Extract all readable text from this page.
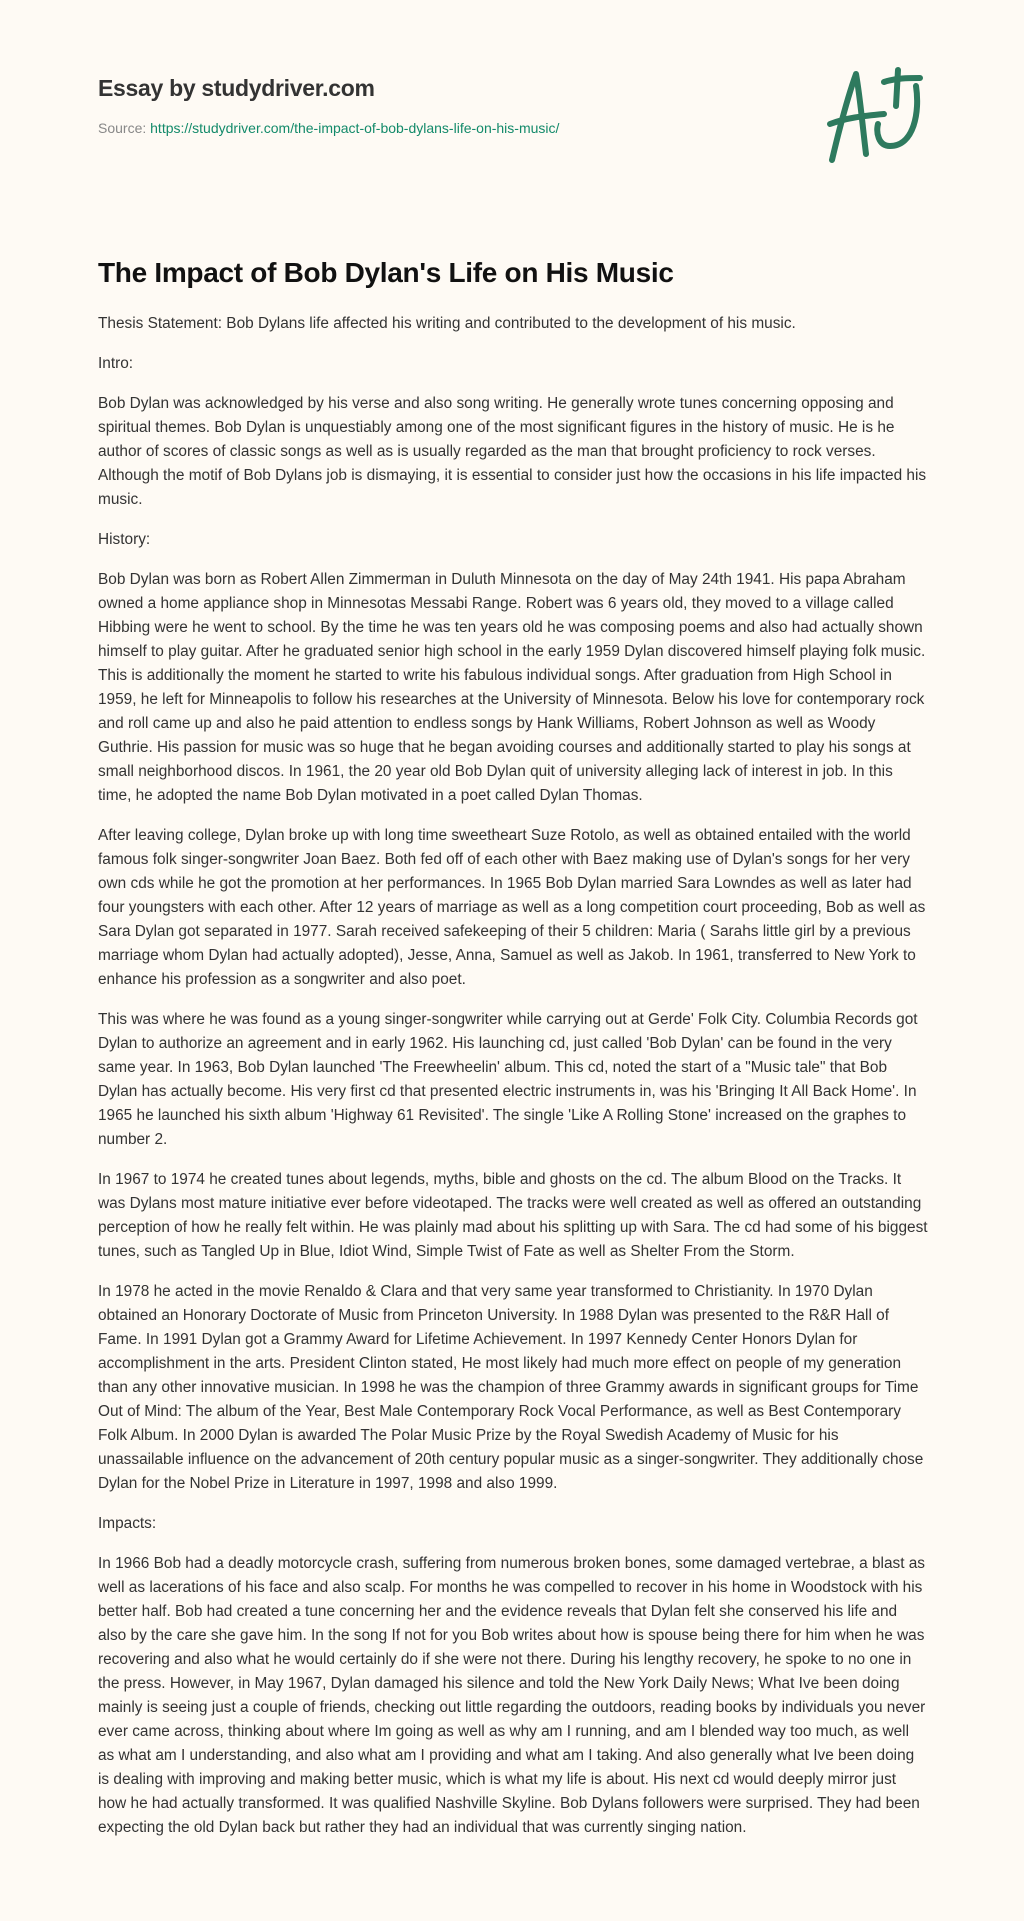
Essay by studydriver.com
Source: https://studydriver.com/the-impact-of-bob-dylans-life-on-his-music/
The Impact of Bob Dylan's Life on His Music

Thesis Statement: Bob Dylans life affected his writing and contributed to the development of his music.

Intro:

Bob Dylan was acknowledged by his verse and also song writing. He generally wrote tunes concerning opposing and spiritual themes. Bob Dylan is unquestiably among one of the most significant figures in the history of music. He is he author of scores of classic songs as well as is usually regarded as the man that brought proficiency to rock verses. Although the motif of Bob Dylans job is dismaying, it is essential to consider just how the occasions in his life impacted his music.

History:

Bob Dylan was born as Robert Allen Zimmerman in Duluth Minnesota on the day of May 24th 1941. His papa Abraham owned a home appliance shop in Minnesotas Messabi Range. Robert was 6 years old, they moved to a village called Hibbing were he went to school. By the time he was ten years old he was composing poems and also had actually shown himself to play guitar. After he graduated senior high school in the early 1959 Dylan discovered himself playing folk music. This is additionally the moment he started to write his fabulous individual songs. After graduation from High School in 1959, he left for Minneapolis to follow his researches at the University of Minnesota. Below his love for contemporary rock and roll came up and also he paid attention to endless songs by Hank Williams, Robert Johnson as well as Woody Guthrie. His passion for music was so huge that he began avoiding courses and additionally started to play his songs at small neighborhood discos. In 1961, the 20 year old Bob Dylan quit of university alleging lack of interest in job. In this time, he adopted the name Bob Dylan motivated in a poet called Dylan Thomas.

After leaving college, Dylan broke up with long time sweetheart Suze Rotolo, as well as obtained entailed with the world famous folk singer-songwriter Joan Baez. Both fed off of each other with Baez making use of Dylan's songs for her very own cds while he got the promotion at her performances. In 1965 Bob Dylan married Sara Lowndes as well as later had four youngsters with each other. After 12 years of marriage as well as a long competition court proceeding, Bob as well as Sara Dylan got separated in 1977. Sarah received safekeeping of their 5 children: Maria ( Sarahs little girl by a previous marriage whom Dylan had actually adopted), Jesse, Anna, Samuel as well as Jakob. In 1961, transferred to New York to enhance his profession as a songwriter and also poet.

This was where he was found as a young singer-songwriter while carrying out at Gerde' Folk City. Columbia Records got Dylan to authorize an agreement and in early 1962. His launching cd, just called 'Bob Dylan' can be found in the very same year. In 1963, Bob Dylan launched 'The Freewheelin' album. This cd, noted the start of a "Music tale" that Bob Dylan has actually become. His very first cd that presented electric instruments in, was his 'Bringing It All Back Home'. In 1965 he launched his sixth album 'Highway 61 Revisited'. The single 'Like A Rolling Stone' increased on the graphes to number 2.

In 1967 to 1974 he created tunes about legends, myths, bible and ghosts on the cd. The album Blood on the Tracks. It was Dylans most mature initiative ever before videotaped. The tracks were well created as well as offered an outstanding perception of how he really felt within. He was plainly mad about his splitting up with Sara. The cd had some of his biggest tunes, such as Tangled Up in Blue, Idiot Wind, Simple Twist of Fate as well as Shelter From the Storm.

In 1978 he acted in the movie Renaldo & Clara and that very same year transformed to Christianity. In 1970 Dylan obtained an Honorary Doctorate of Music from Princeton University. In 1988 Dylan was presented to the R&R Hall of Fame. In 1991 Dylan got a Grammy Award for Lifetime Achievement. In 1997 Kennedy Center Honors Dylan for accomplishment in the arts. President Clinton stated, He most likely had much more effect on people of my generation than any other innovative musician. In 1998 he was the champion of three Grammy awards in significant groups for Time Out of Mind: The album of the Year, Best Male Contemporary Rock Vocal Performance, as well as Best Contemporary Folk Album. In 2000 Dylan is awarded The Polar Music Prize by the Royal Swedish Academy of Music for his unassailable influence on the advancement of 20th century popular music as a singer-songwriter. They additionally chose Dylan for the Nobel Prize in Literature in 1997, 1998 and also 1999.

Impacts:

In 1966 Bob had a deadly motorcycle crash, suffering from numerous broken bones, some damaged vertebrae, a blast as well as lacerations of his face and also scalp. For months he was compelled to recover in his home in Woodstock with his better half. Bob had created a tune concerning her and the evidence reveals that Dylan felt she conserved his life and also by the care she gave him. In the song If not for you Bob writes about how is spouse being there for him when he was recovering and also what he would certainly do if she were not there. During his lengthy recovery, he spoke to no one in the press. However, in May 1967, Dylan damaged his silence and told the New York Daily News; What Ive been doing mainly is seeing just a couple of friends, checking out little regarding the outdoors, reading books by individuals you never ever came across, thinking about where Im going as well as why am I running, and am I blended way too much, as well as what am I understanding, and also what am I providing and what am I taking. And also generally what Ive been doing is dealing with improving and making better music, which is what my life is about. His next cd would deeply mirror just how he had actually transformed. It was qualified Nashville Skyline. Bob Dylans followers were surprised. They had been expecting the old Dylan back but rather they had an individual that was currently singing nation.
